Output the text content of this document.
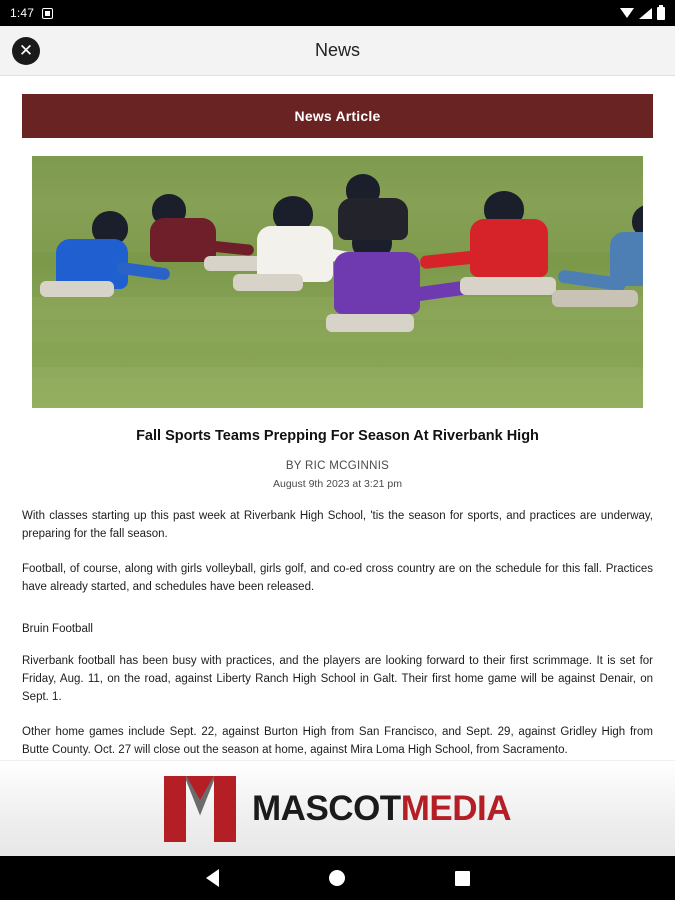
1:47
✕	News
News Article
Fall Sports Teams Prepping For Season At Riverbank High
BY RIC MCGINNIS
August 9th 2023 at 3:21 pm

With classes starting up this past week at Riverbank High School, 'tis the season for sports, and practices are underway, preparing for the fall season.

Football, of course, along with girls volleyball, girls golf, and co-ed cross country are on the schedule for this fall. Practices have already started, and schedules have been released.

Bruin Football

Riverbank football has been busy with practices, and the players are looking forward to their first scrimmage. It is set for Friday, Aug. 11, on the road, against Liberty Ranch High School in Galt. Their first home game will be against Denair, on Sept. 1.

Other home games include Sept. 22, against Burton High from San Francisco, and Sept. 29, against Gridley High from Butte County. Oct. 27 will close out the season at home, against Mira Loma High School, from Sacramento.

MASCOTMEDIA
